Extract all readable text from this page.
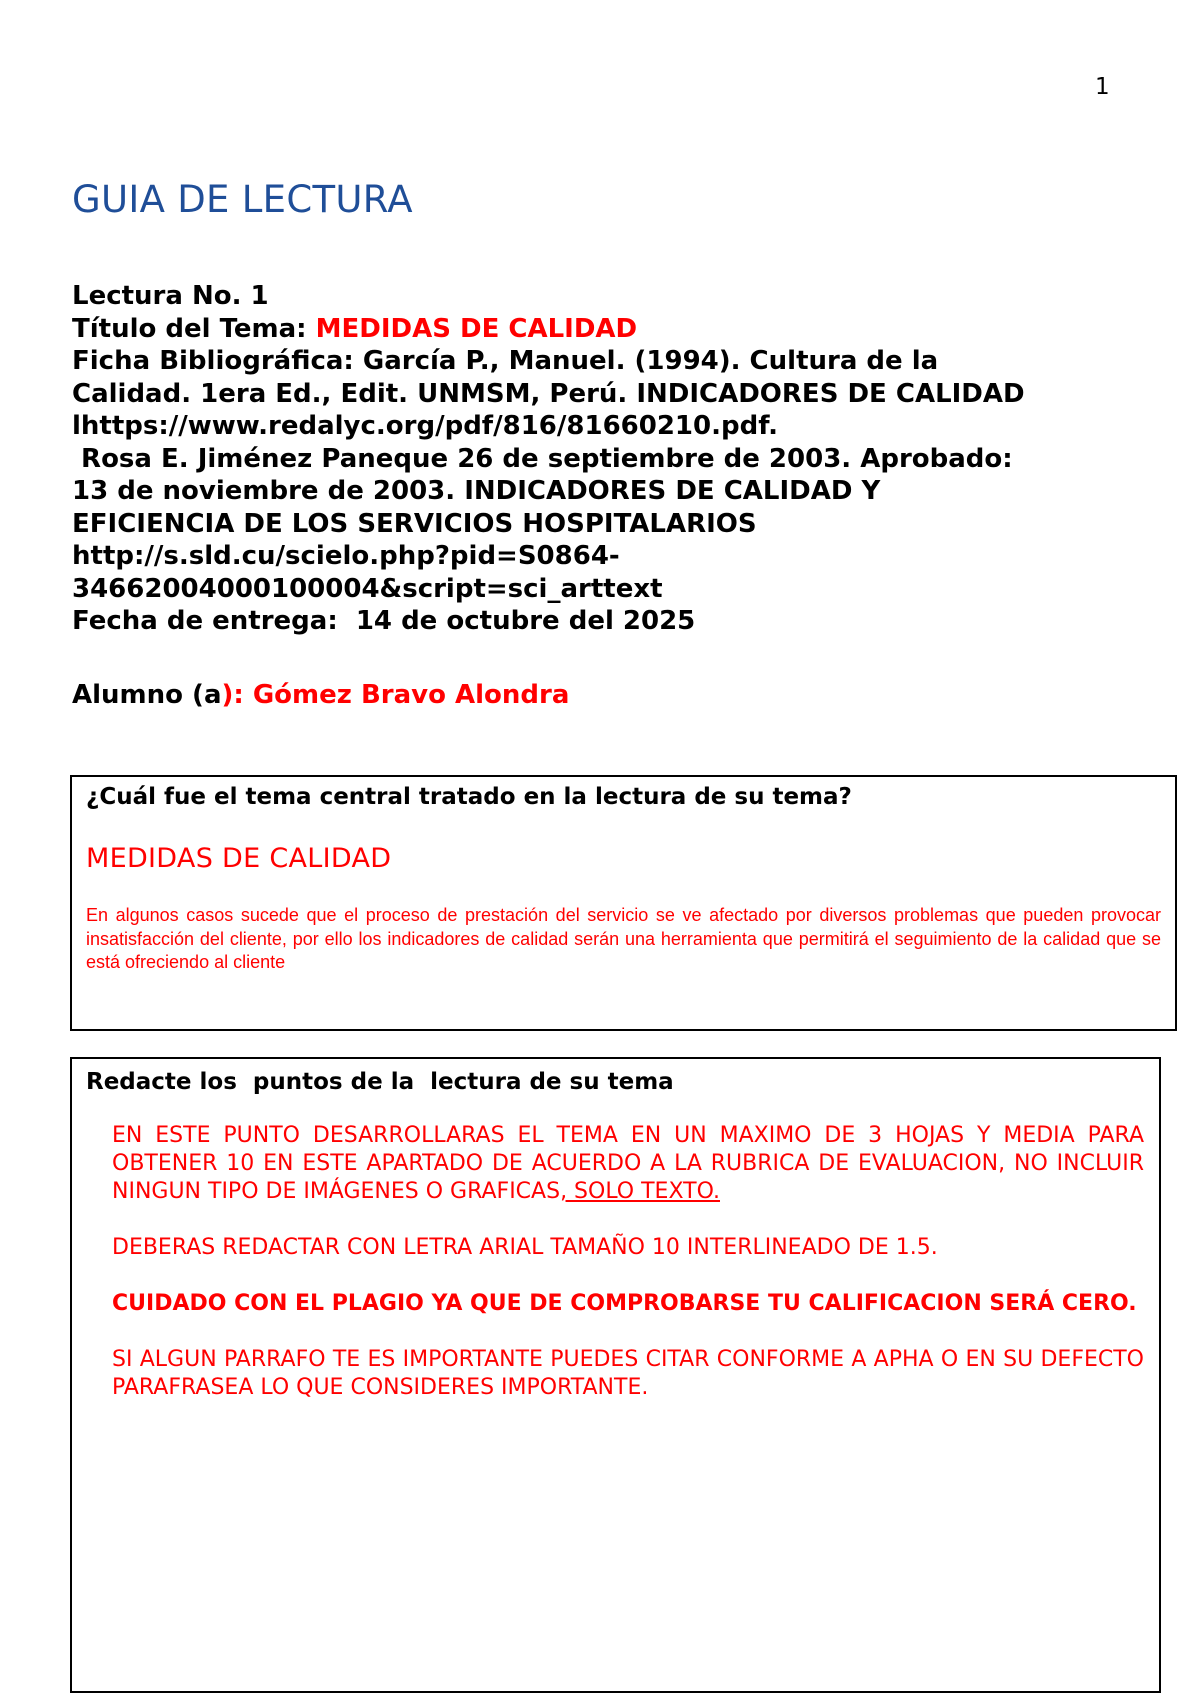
1
GUIA DE LECTURA
Lectura No. 1
Título del Tema: MEDIDAS DE CALIDAD
Ficha Bibliográfica: García P., Manuel. (1994). Cultura de la
Calidad. 1era Ed., Edit. UNMSM, Perú. INDICADORES DE CALIDAD
lhttps://www.redalyc.org/pdf/816/81660210.pdf.
Rosa E. Jiménez Paneque 26 de septiembre de 2003. Aprobado:
13 de noviembre de 2003. INDICADORES DE CALIDAD Y
EFICIENCIA DE LOS SERVICIOS HOSPITALARIOS
http://s.sld.cu/scielo.php?pid=S0864-
34662004000100004&script=sci_arttext
Fecha de entrega:  14 de octubre del 2025
Alumno (a): Gómez Bravo Alondra
¿Cuál fue el tema central tratado en la lectura de su tema?
MEDIDAS DE CALIDAD

En algunos casos sucede que el proceso de prestación del servicio se ve afectado por diversos problemas que pueden provocar insatisfacción del cliente, por ello los indicadores de calidad serán una herramienta que permitirá el seguimiento de la calidad que se está ofreciendo al cliente

Redacte los  puntos de la  lectura de su tema

EN ESTE PUNTO DESARROLLARAS EL TEMA EN UN MAXIMO DE 3 HOJAS Y MEDIA PARA OBTENER 10 EN ESTE APARTADO DE ACUERDO A LA RUBRICA DE EVALUACION, NO INCLUIR NINGUN TIPO DE IMÁGENES O GRAFICAS, SOLO TEXTO.

DEBERAS REDACTAR CON LETRA ARIAL TAMAÑO 10 INTERLINEADO DE 1.5.

CUIDADO CON EL PLAGIO YA QUE DE COMPROBARSE TU CALIFICACION SERÁ CERO.

SI ALGUN PARRAFO TE ES IMPORTANTE PUEDES CITAR CONFORME A APHA O EN SU DEFECTO PARAFRASEA LO QUE CONSIDERES IMPORTANTE.
